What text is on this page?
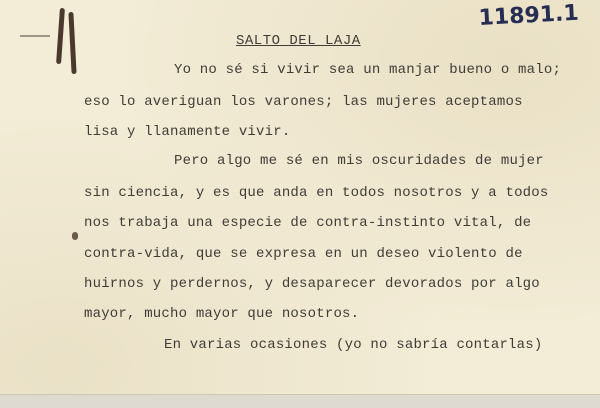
11891.1
SALTO DEL LAJA
Yo no sé si vivir sea un manjar bueno o malo;
eso lo averiguan los varones; las mujeres aceptamos
lisa y llanamente vivir.
Pero algo me sé en mis oscuridades de mujer
sin ciencia, y es que anda en todos nosotros y a todos
nos trabaja una especie de contra-instinto vital, de
contra-vida, que se expresa en un deseo violento de
huirnos y perdernos, y desaparecer devorados por algo
mayor, mucho mayor que nosotros.
En varias ocasiones (yo no sabría contarlas)
